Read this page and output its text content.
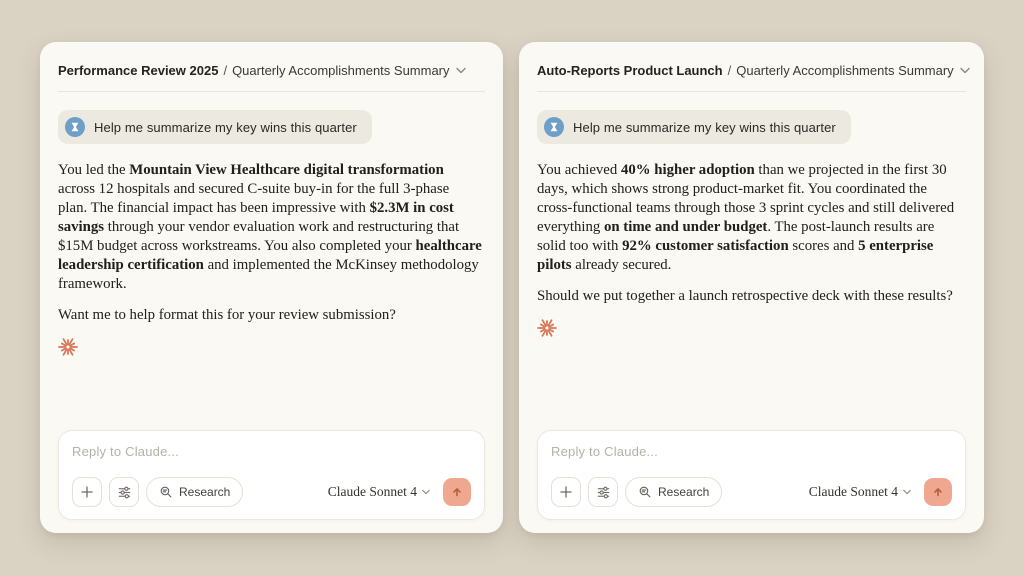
Performance Review 2025 / Quarterly Accomplishments Summary
Help me summarize my key wins this quarter

You led the Mountain View Healthcare digital transformation across 12 hospitals and secured C-suite buy-in for the full 3-phase plan. The financial impact has been impressive with $2.3M in cost savings through your vendor evaluation work and restructuring that $15M budget across workstreams. You also completed your healthcare leadership certification and implemented the McKinsey methodology framework.

Want me to help format this for your review submission?

Reply to Claude...
Research	Claude Sonnet 4
Auto-Reports Product Launch / Quarterly Accomplishments Summary
Help me summarize my key wins this quarter

You achieved 40% higher adoption than we projected in the first 30 days, which shows strong product-market fit. You coordinated the cross-functional teams through those 3 sprint cycles and still delivered everything on time and under budget. The post-launch results are solid too with 92% customer satisfaction scores and 5 enterprise pilots already secured.

Should we put together a launch retrospective deck with these results?

Reply to Claude...
Research	Claude Sonnet 4
